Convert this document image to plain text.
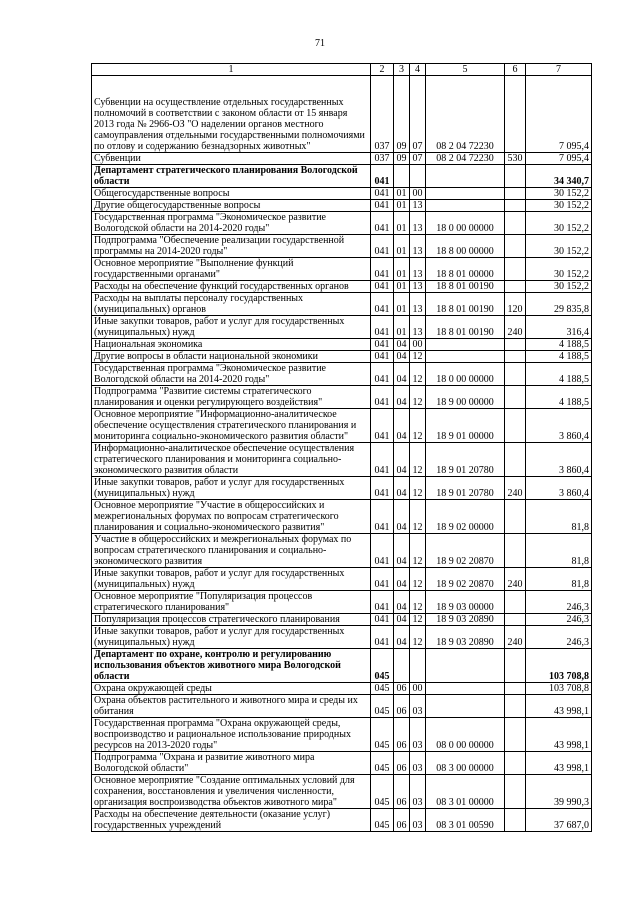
71
1	2	3	4	5	6	7
Субвенции на осуществление отдельных государственных полномочий в соответствии с законом области от 15 января 2013 года № 2966-ОЗ "О наделении органов местного самоуправления отдельными государственными полномочиями по отлову и содержанию безнадзорных животных"	037	09	07	08 2 04 72230		7 095,4
Субвенции	037	09	07	08 2 04 72230	530	7 095,4
Департамент стратегического планирования Вологодской области	041					34 340,7
Общегосударственные вопросы	041	01	00			30 152,2
Другие общегосударственные вопросы	041	01	13			30 152,2
Государственная программа "Экономическое развитие Вологодской области на 2014-2020 годы"	041	01	13	18 0 00 00000		30 152,2
Подпрограмма "Обеспечение реализации государственной программы на 2014-2020 годы"	041	01	13	18 8 00 00000		30 152,2
Основное мероприятие "Выполнение функций государственными органами"	041	01	13	18 8 01 00000		30 152,2
Расходы на обеспечение функций государственных органов	041	01	13	18 8 01 00190		30 152,2
Расходы на выплаты персоналу государственных (муниципальных) органов	041	01	13	18 8 01 00190	120	29 835,8
Иные закупки товаров, работ и услуг для государственных (муниципальных) нужд	041	01	13	18 8 01 00190	240	316,4
Национальная экономика	041	04	00			4 188,5
Другие вопросы в области национальной экономики	041	04	12			4 188,5
Государственная программа "Экономическое развитие Вологодской области на 2014-2020 годы"	041	04	12	18 0 00 00000		4 188,5
Подпрограмма "Развитие системы стратегического планирования и оценки регулирующего воздействия"	041	04	12	18 9 00 00000		4 188,5
Основное мероприятие "Информационно-аналитическое обеспечение осуществления стратегического планирования и мониторинга социально-экономического развития области"	041	04	12	18 9 01 00000		3 860,4
Информационно-аналитическое обеспечение осуществления стратегического планирования и мониторинга социально-экономического развития области	041	04	12	18 9 01 20780		3 860,4
Иные закупки товаров, работ и услуг для государственных (муниципальных) нужд	041	04	12	18 9 01 20780	240	3 860,4
Основное мероприятие "Участие в общероссийских и межрегиональных форумах по вопросам стратегического планирования и социально-экономического развития"	041	04	12	18 9 02 00000		81,8
Участие в общероссийских и межрегиональных форумах по вопросам стратегического планирования и социально-экономического развития	041	04	12	18 9 02 20870		81,8
Иные закупки товаров, работ и услуг для государственных (муниципальных) нужд	041	04	12	18 9 02 20870	240	81,8
Основное мероприятие "Популяризация процессов стратегического планирования"	041	04	12	18 9 03 00000		246,3
Популяризация процессов стратегического планирования	041	04	12	18 9 03 20890		246,3
Иные закупки товаров, работ и услуг для государственных (муниципальных) нужд	041	04	12	18 9 03 20890	240	246,3
Департамент по охране, контролю и регулированию использования объектов животного мира Вологодской области	045					103 708,8
Охрана окружающей среды	045	06	00			103 708,8
Охрана объектов растительного и животного мира и среды их обитания	045	06	03			43 998,1
Государственная программа "Охрана окружающей среды, воспроизводство и рациональное использование природных ресурсов на 2013-2020 годы"	045	06	03	08 0 00 00000		43 998,1
Подпрограмма "Охрана и развитие животного мира Вологодской области"	045	06	03	08 3 00 00000		43 998,1
Основное мероприятие "Создание оптимальных условий для сохранения, восстановления и увеличения численности, организация воспроизводства объектов животного мира"	045	06	03	08 3 01 00000		39 990,3
Расходы на обеспечение деятельности (оказание услуг) государственных учреждений	045	06	03	08 3 01 00590		37 687,0
